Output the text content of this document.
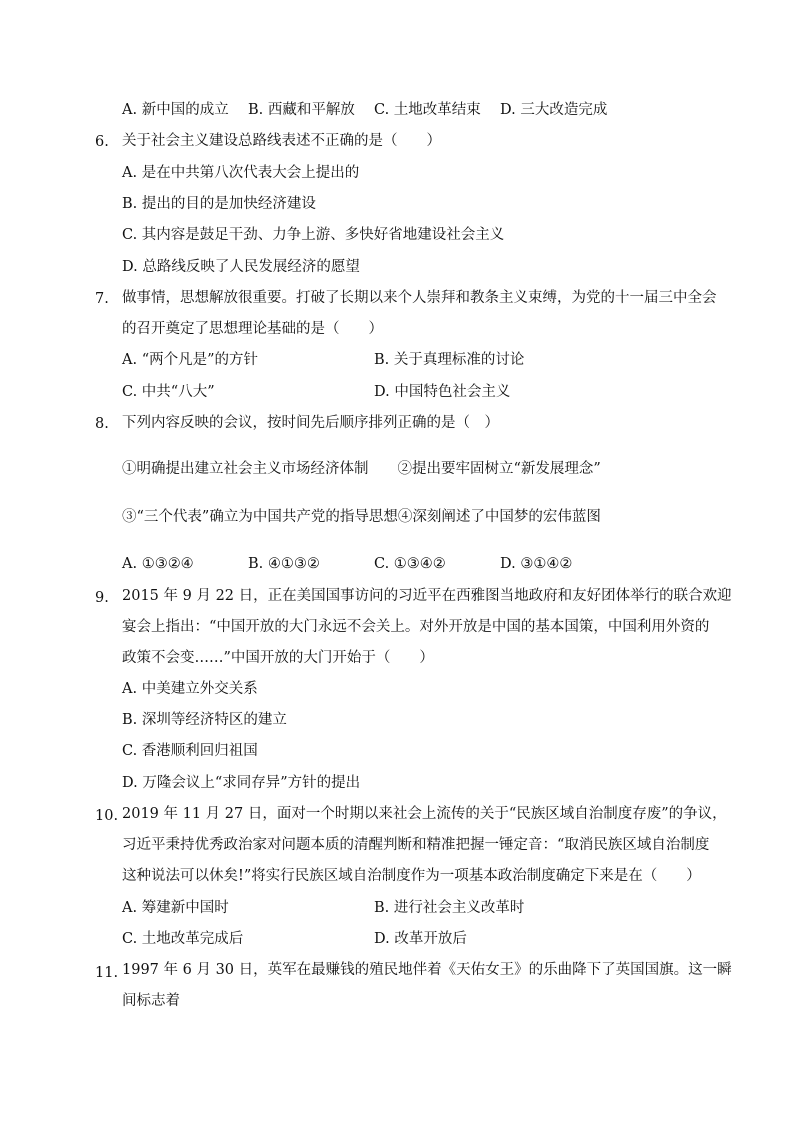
A. 新中国的成立 B. 西藏和平解放 C. 土地改革结束 D. 三大改造完成
6. 关于社会主义建设总路线表述不正确的是（　　）
A. 是在中共第八次代表大会上提出的
B. 提出的目的是加快经济建设
C. 其内容是鼓足干劲、力争上游、多快好省地建设社会主义
D. 总路线反映了人民发展经济的愿望
7. 做事情，思想解放很重要。打破了长期以来个人崇拜和教条主义束缚，为党的十一届三中全会
的召开奠定了思想理论基础的是（　　）
A. “两个凡是”的方针	B. 关于真理标准的讨论
C. 中共“八大”	D. 中国特色社会主义
8. 下列内容反映的会议，按时间先后顺序排列正确的是（　）
①明确提出建立社会主义市场经济体制　　②提出要牢固树立“新发展理念”
③“三个代表”确立为中国共产党的指导思想④深刻阐述了中国梦的宏伟蓝图
A. ①③②④	B. ④①③②	C. ①③④②	D. ③①④②
9. 2015 年 9 月 22 日，正在美国国事访问的习近平在西雅图当地政府和友好团体举行的联合欢迎
宴会上指出：“中国开放的大门永远不会关上。对外开放是中国的基本国策，中国利用外资的
政策不会变……”中国开放的大门开始于（　　）
A. 中美建立外交关系
B. 深圳等经济特区的建立
C. 香港顺利回归祖国
D. 万隆会议上“求同存异”方针的提出
10. 2019 年 11 月 27 日，面对一个时期以来社会上流传的关于“民族区域自治制度存废”的争议，
习近平秉持优秀政治家对问题本质的清醒判断和精准把握一锤定音：“取消民族区域自治制度
这种说法可以休矣!”将实行民族区域自治制度作为一项基本政治制度确定下来是在（　　）
A. 筹建新中国时	B. 进行社会主义改革时
C. 土地改革完成后	D. 改革开放后
11. 1997 年 6 月 30 日，英军在最赚钱的殖民地伴着《天佑女王》的乐曲降下了英国国旗。这一瞬
间标志着
